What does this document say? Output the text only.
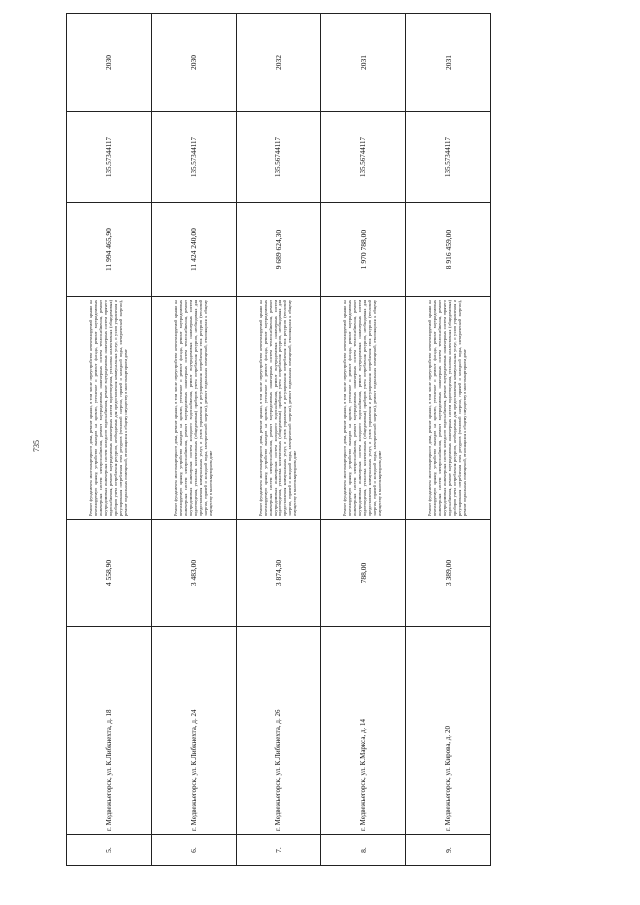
735
5.	г. Медвежьегорск, ул. К.Либкнехта, д. 18	4 558,90	Ремонт фундамента многоквартирного дома, ремонт крыши, в том числе переустройство невентилируемой крыши на вентилируемую крышу, устройство выходов на кровлю, утепление и ремонт фасада, ремонт внутридомовых инженерных систем электроснабжения, ремонт внутридомовых инженерных систем теплоснабжения, ремонт внутридомовых инженерных систем холодного водоснабжения, ремонт внутридомовых инженерных систем горячего водоснабжения, ремонт внутридомовых инженерных систем водоотведения, установка коллективных (общедомовых) приборов учета потребления ресурсов, необходимых для предоставления коммунальных услуг, и узлов управления и регулирования потребления этих ресурсов (тепловой энергии, горячей и холодной воды, электрической энергии), ремонт подвальных помещений, относящихся к общему имуществу в многоквартирном доме	11 994 465,90	135.57344117	2030
6.	г. Медвежьегорск, ул. К.Либкнехта, д. 24	3 483,00	Ремонт фундамента многоквартирного дома, ремонт крыши, в том числе переустройство невентилируемой крыши на вентилируемую крышу, устройство выходов на кровлю, утепление и ремонт фасада, ремонт внутридомовых инженерных систем электроснабжения, ремонт внутридомовых инженерных систем теплоснабжения, ремонт внутридомовых инженерных систем холодного водоснабжения, ремонт внутридомовых инженерных систем водоотведения, установка коллективных (общедомовых) приборов учета потребления ресурсов, необходимых для предоставления коммунальных услуг, и узлов управления и регулирования потребления этих ресурсов (тепловой энергии, горячей и холодной воды, электрической энергии), ремонт подвальных помещений, относящихся к общему имуществу в многоквартирном доме	11 424 240,00	135.57344117	2030
7.	г. Медвежьегорск, ул. К.Либкнехта, д. 26	3 874,30	Ремонт фундамента многоквартирного дома, ремонт крыши, в том числе переустройство невентилируемой крыши на вентилируемую крышу, устройство выходов на кровлю, утепление и ремонт фасада, ремонт внутридомовых инженерных систем электроснабжения, ремонт внутридомовых инженерных систем теплоснабжения, ремонт внутридомовых инженерных систем холодного водоснабжения, ремонт внутридомовых инженерных систем водоотведения, установка коллективных (общедомовых) приборов учета потребления ресурсов, необходимых для предоставления коммунальных услуг, и узлов управления и регулирования потребления этих ресурсов (тепловой энергии, горячей и холодной воды, электрической энергии), ремонт подвальных помещений, относящихся к общему имуществу в многоквартирном доме	9 689 624,30	135.56744117	2032
8.	г. Медвежьегорск, ул. К.Маркса, д. 14	788,00	Ремонт фундамента многоквартирного дома, ремонт крыши, в том числе переустройство невентилируемой крыши на вентилируемую крышу, устройство выходов на кровлю, утепление и ремонт фасада, ремонт внутридомовых инженерных систем электроснабжения, ремонт внутридомовых инженерных систем теплоснабжения, ремонт внутридомовых инженерных систем холодного водоснабжения, ремонт внутридомовых инженерных систем водоотведения, установка коллективных (общедомовых) приборов учета потребления ресурсов, необходимых для предоставления коммунальных услуг, и узлов управления и регулирования потребления этих ресурсов (тепловой энергии, горячей и холодной воды, электрической энергии), ремонт подвальных помещений, относящихся к общему имуществу в многоквартирном доме	1 970 788,00	135.56744117	2031
9.	г. Медвежьегорск, ул. Кирова, д. 20	3 389,00	Ремонт фундамента многоквартирного дома, ремонт крыши, в том числе переустройство невентилируемой крыши на вентилируемую крышу, устройство выходов на кровлю, утепление и ремонт фасада, ремонт внутридомовых инженерных систем электроснабжения, ремонт внутридомовых инженерных систем теплоснабжения, ремонт внутридомовых инженерных систем холодного водоснабжения, ремонт внутридомовых инженерных систем горячего водоснабжения, ремонт внутридомовых инженерных систем водоотведения, установка коллективных (общедомовых) приборов учета потребления ресурсов, необходимых для предоставления коммунальных услуг, и узлов управления и регулирования потребления этих ресурсов (тепловой энергии, горячей и холодной воды, электрической энергии), ремонт подвальных помещений, относящихся к общему имуществу в многоквартирном доме	8 916 459,00	135.57344117	2031
